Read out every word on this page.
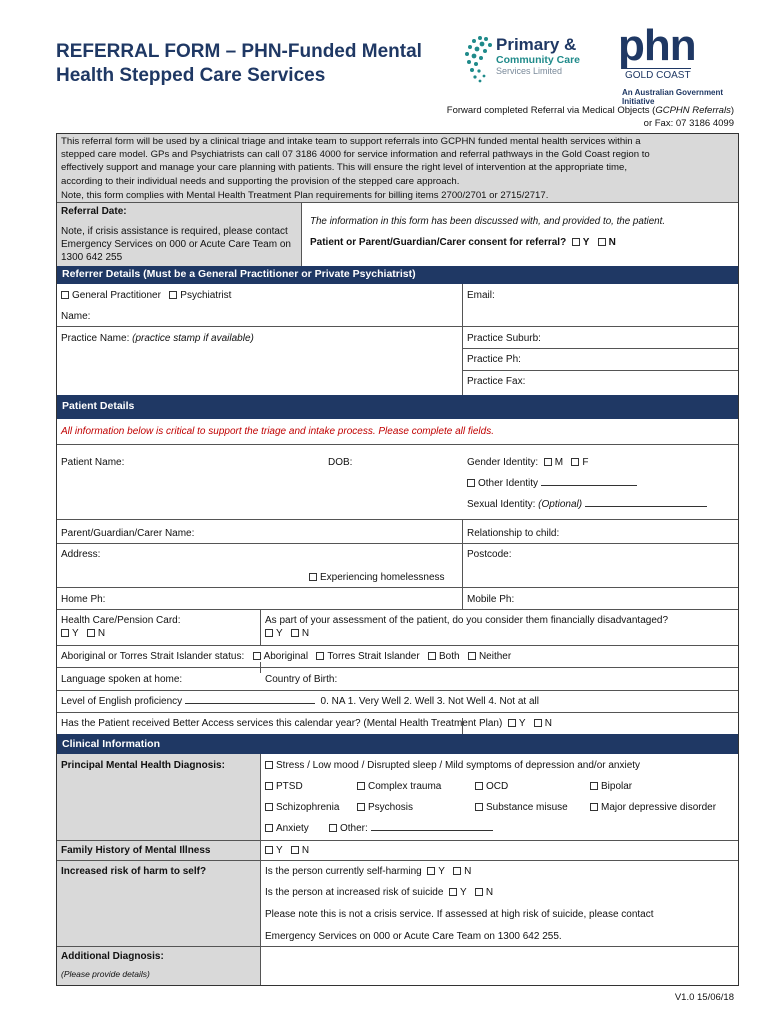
REFERRAL FORM – PHN-Funded Mental
Health Stepped Care Services
Primary &
Community Care
Services Limited
phn
GOLD COAST
An Australian Government Initiative
Forward completed Referral via Medical Objects (GCPHN Referrals)
or Fax: 07 3186 4099
This referral form will be used by a clinical triage and intake team to support referrals into GCPHN funded mental health services within a
stepped care model. GPs and Psychiatrists can call 07 3186 4000 for service information and referral pathways in the Gold Coast region to
effectively support and manage your care planning with patients. This will ensure the right level of intervention at the appropriate time,
according to their individual needs and supporting the provision of the stepped care approach.
Note, this form complies with Mental Health Treatment Plan requirements for billing items 2700/2701 or 2715/2717.
Referral Date:
Note, if crisis assistance is required, please contact Emergency Services on 000 or Acute Care Team on 1300 642 255
The information in this form has been discussed with, and provided to, the patient.
Patient or Parent/Guardian/Carer consent for referral? Y N
Referrer Details (Must be a General Practitioner or Private Psychiatrist)
General Practitioner Psychiatrist	Email:
Name:
Practice Name: (practice stamp if available)	Practice Suburb:
Practice Ph:
Practice Fax:
Patient Details
All information below is critical to support the triage and intake process. Please complete all fields.
Patient Name:	DOB:	Gender Identity: M F
Other Identity
Sexual Identity: (Optional)
Parent/Guardian/Carer Name:	Relationship to child:
Address:	Postcode:
Experiencing homelessness
Home Ph:	Mobile Ph:
Health Care/Pension Card:
Y N
As part of your assessment of the patient, do you consider them financially disadvantaged?
Y N
Aboriginal or Torres Strait Islander status: Aboriginal Torres Strait Islander Both Neither
Language spoken at home:	Country of Birth:
Level of English proficiency	0. NA 1. Very Well 2. Well 3. Not Well 4. Not at all
Has the Patient received Better Access services this calendar year? (Mental Health Treatment Plan) Y N
Clinical Information
Principal Mental Health Diagnosis:	Stress / Low mood / Disrupted sleep / Mild symptoms of depression and/or anxiety
PTSD	Complex trauma	OCD	Bipolar
Schizophrenia	Psychosis	Substance misuse	Major depressive disorder
Anxiety	Other:
Family History of Mental Illness	Y N
Increased risk of harm to self?	Is the person currently self-harming Y N
Is the person at increased risk of suicide Y N
Please note this is not a crisis service. If assessed at high risk of suicide, please contact
Emergency Services on 000 or Acute Care Team on 1300 642 255.
Additional Diagnosis:
(Please provide details)
V1.0 15/06/18
